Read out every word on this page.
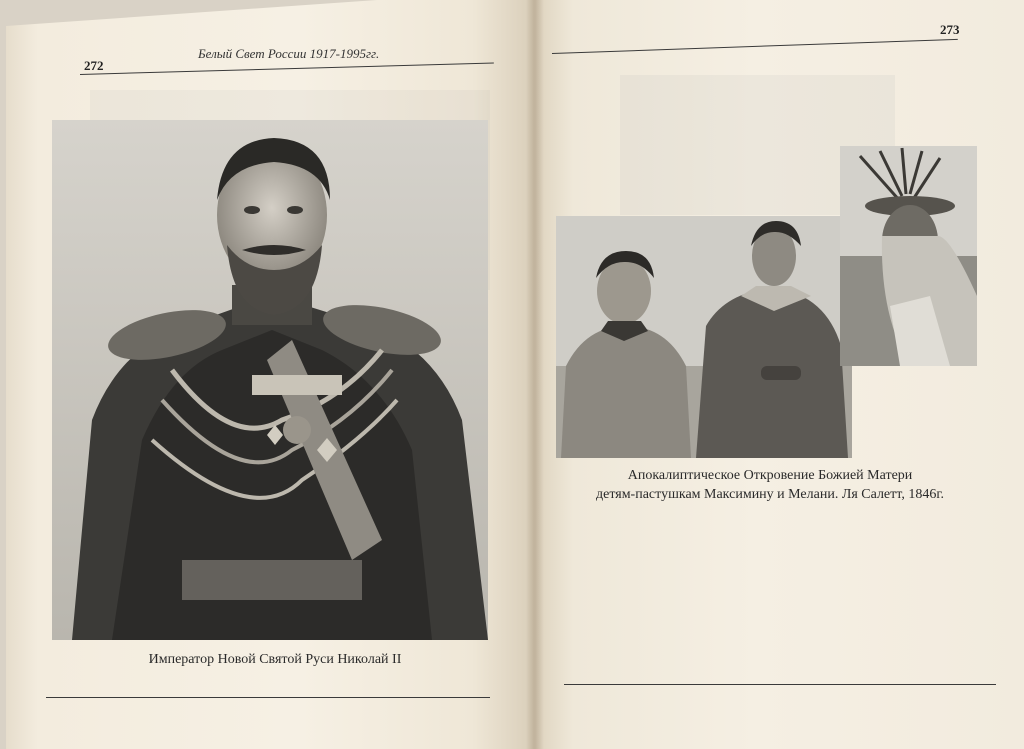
272
Белый Свет России 1917-1995гг.
Император Новой Святой Руси Николай II
273
Апокалиптическое Откровение Божией Матери
детям-пастушкам Максимину и Мелани. Ля Салетт, 1846г.
